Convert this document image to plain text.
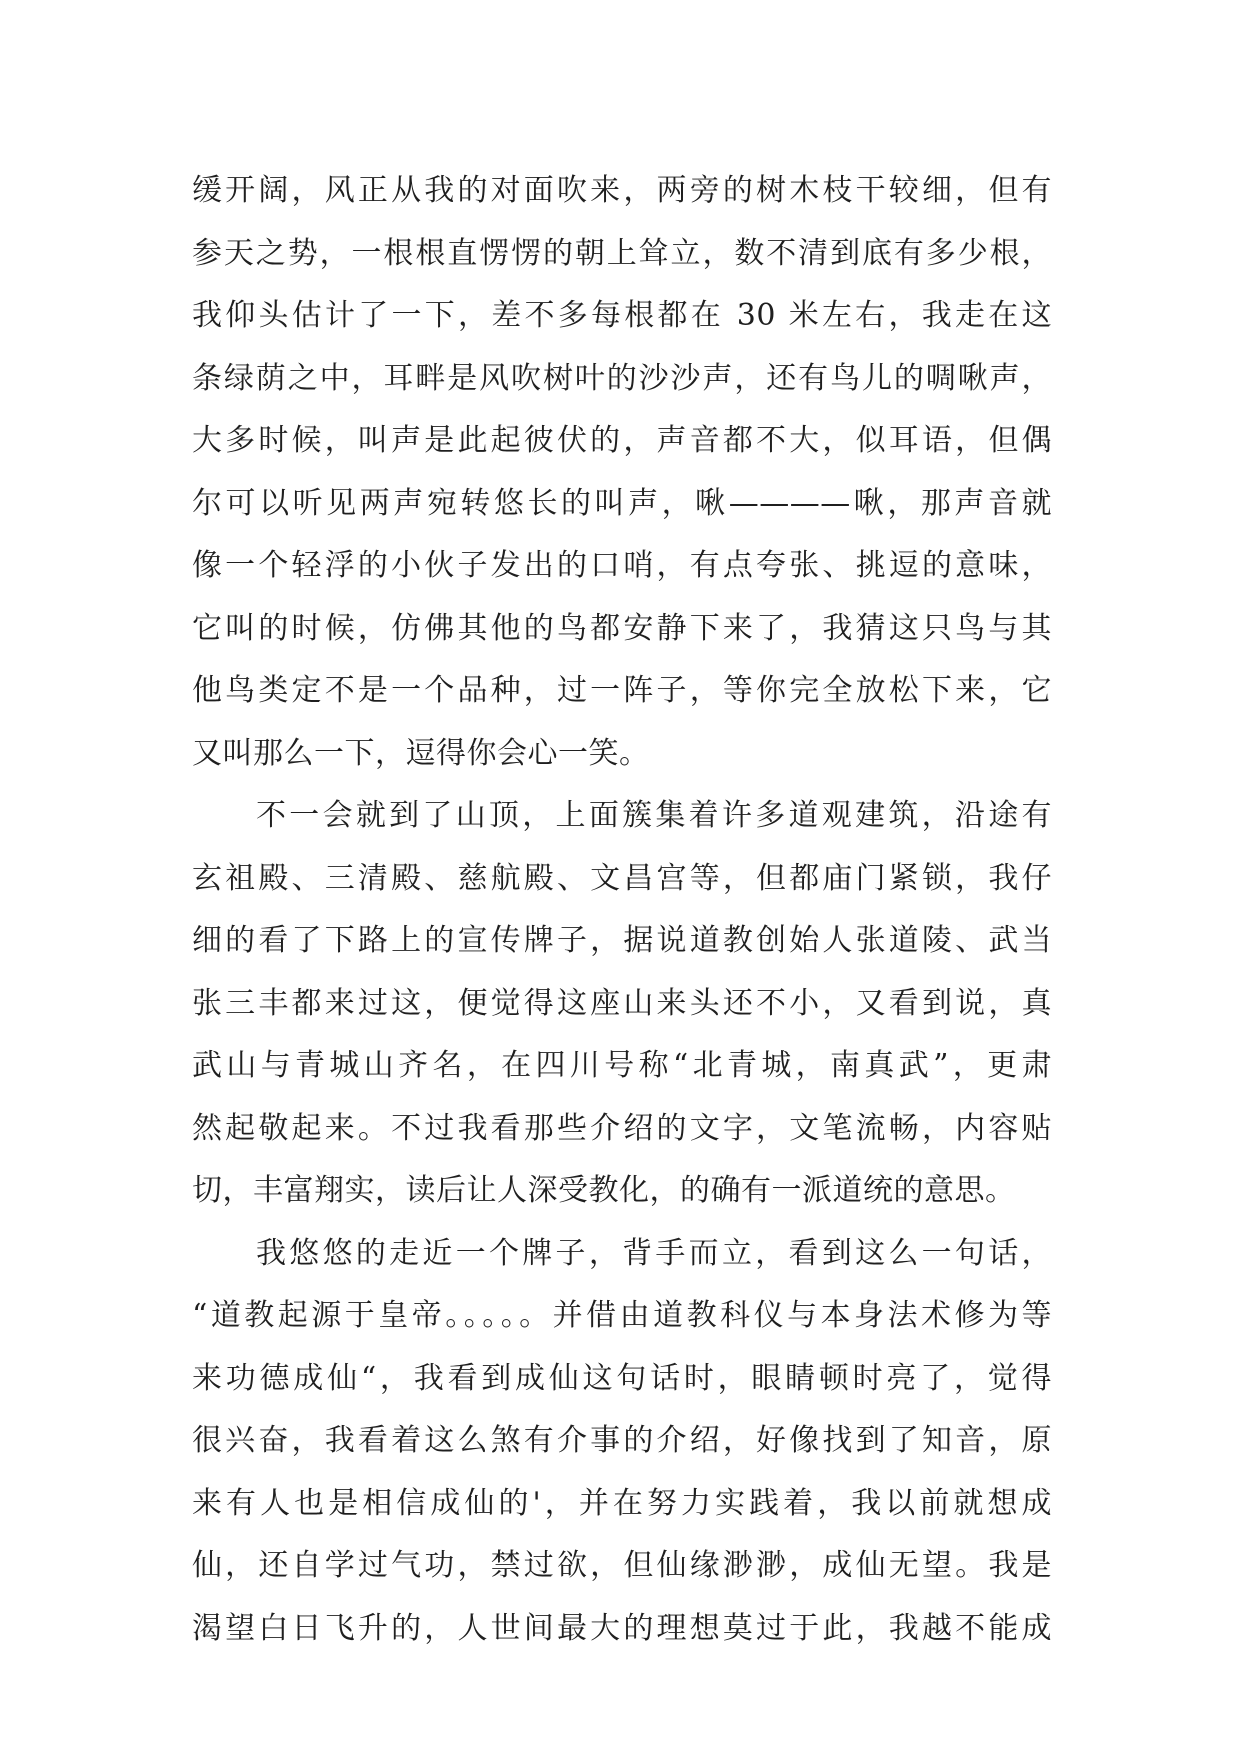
缓开阔，风正从我的对面吹来，两旁的树木枝干较细，但有
参天之势，一根根直愣愣的朝上耸立，数不清到底有多少根，
我仰头估计了一下，差不多每根都在 30 米左右，我走在这
条绿荫之中，耳畔是风吹树叶的沙沙声，还有鸟儿的啁啾声，
大多时候，叫声是此起彼伏的，声音都不大，似耳语，但偶
尔可以听见两声宛转悠长的叫声，啾————啾，那声音就
像一个轻浮的小伙子发出的口哨，有点夸张、挑逗的意味，
它叫的时候，仿佛其他的鸟都安静下来了，我猜这只鸟与其
他鸟类定不是一个品种，过一阵子，等你完全放松下来，它
又叫那么一下，逗得你会心一笑。
不一会就到了山顶，上面簇集着许多道观建筑，沿途有
玄祖殿、三清殿、慈航殿、文昌宫等，但都庙门紧锁，我仔
细的看了下路上的宣传牌子，据说道教创始人张道陵、武当
张三丰都来过这，便觉得这座山来头还不小，又看到说，真
武山与青城山齐名，在四川号称“北青城，南真武”，更肃
然起敬起来。不过我看那些介绍的文字，文笔流畅，内容贴
切，丰富翔实，读后让人深受教化，的确有一派道统的意思。
我悠悠的走近一个牌子，背手而立，看到这么一句话，
“道教起源于皇帝。。。。。并借由道教科仪与本身法术修为等
来功德成仙“，我看到成仙这句话时，眼睛顿时亮了，觉得
很兴奋，我看着这么煞有介事的介绍，好像找到了知音，原
来有人也是相信成仙的'，并在努力实践着，我以前就想成
仙，还自学过气功，禁过欲，但仙缘渺渺，成仙无望。我是
渴望白日飞升的，人世间最大的理想莫过于此，我越不能成
